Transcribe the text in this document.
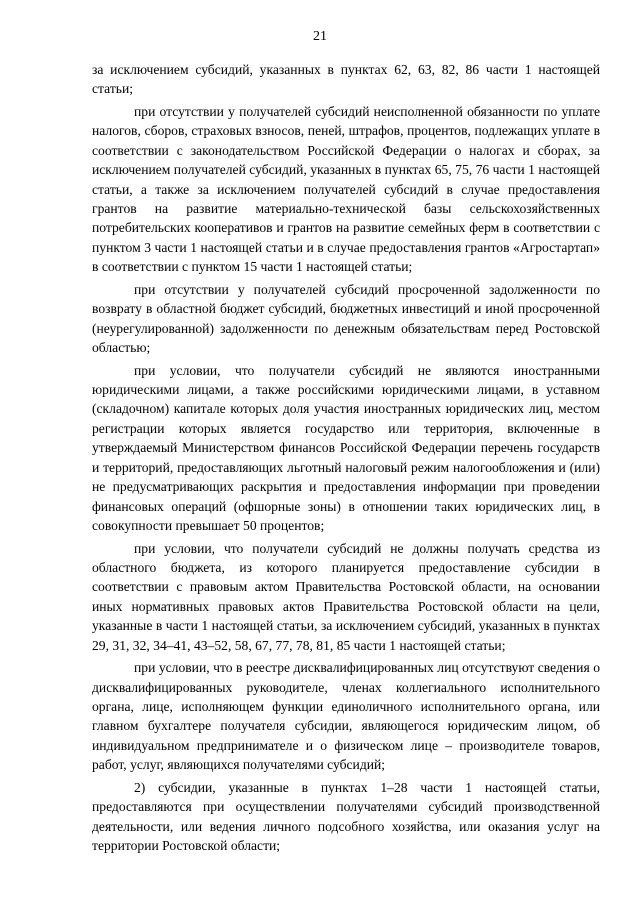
21

за исключением субсидий, указанных в пунктах 62, 63, 82, 86 части 1 настоящей статьи;

при отсутствии у получателей субсидий неисполненной обязанности по уплате налогов, сборов, страховых взносов, пеней, штрафов, процентов, подлежащих уплате в соответствии с законодательством Российской Федерации о налогах и сборах, за исключением получателей субсидий, указанных в пунктах 65, 75, 76 части 1 настоящей статьи, а также за исключением получателей субсидий в случае предоставления грантов на развитие материально-технической базы сельскохозяйственных потребительских кооперативов и грантов на развитие семейных ферм в соответствии с пунктом 3 части 1 настоящей статьи и в случае предоставления грантов «Агростартап» в соответствии с пунктом 15 части 1 настоящей статьи;

при отсутствии у получателей субсидий просроченной задолженности по возврату в областной бюджет субсидий, бюджетных инвестиций и иной просроченной (неурегулированной) задолженности по денежным обязательствам перед Ростовской областью;

при условии, что получатели субсидий не являются иностранными юридическими лицами, а также российскими юридическими лицами, в уставном (складочном) капитале которых доля участия иностранных юридических лиц, местом регистрации которых является государство или территория, включенные в утверждаемый Министерством финансов Российской Федерации перечень государств и территорий, предоставляющих льготный налоговый режим налогообложения и (или) не предусматривающих раскрытия и предоставления информации при проведении финансовых операций (офшорные зоны) в отношении таких юридических лиц, в совокупности превышает 50 процентов;

при условии, что получатели субсидий не должны получать средства из областного бюджета, из которого планируется предоставление субсидии в соответствии с правовым актом Правительства Ростовской области, на основании иных нормативных правовых актов Правительства Ростовской области на цели, указанные в части 1 настоящей статьи, за исключением субсидий, указанных в пунктах 29, 31, 32, 34–41, 43–52, 58, 67, 77, 78, 81, 85 части 1 настоящей статьи;

при условии, что в реестре дисквалифицированных лиц отсутствуют сведения о дисквалифицированных руководителе, членах коллегиального исполнительного органа, лице, исполняющем функции единоличного исполнительного органа, или главном бухгалтере получателя субсидии, являющегося юридическим лицом, об индивидуальном предпринимателе и о физическом лице – производителе товаров, работ, услуг, являющихся получателями субсидий;

2) субсидии, указанные в пунктах 1–28 части 1 настоящей статьи, предоставляются при осуществлении получателями субсидий производственной деятельности, или ведения личного подсобного хозяйства, или оказания услуг на территории Ростовской области;
